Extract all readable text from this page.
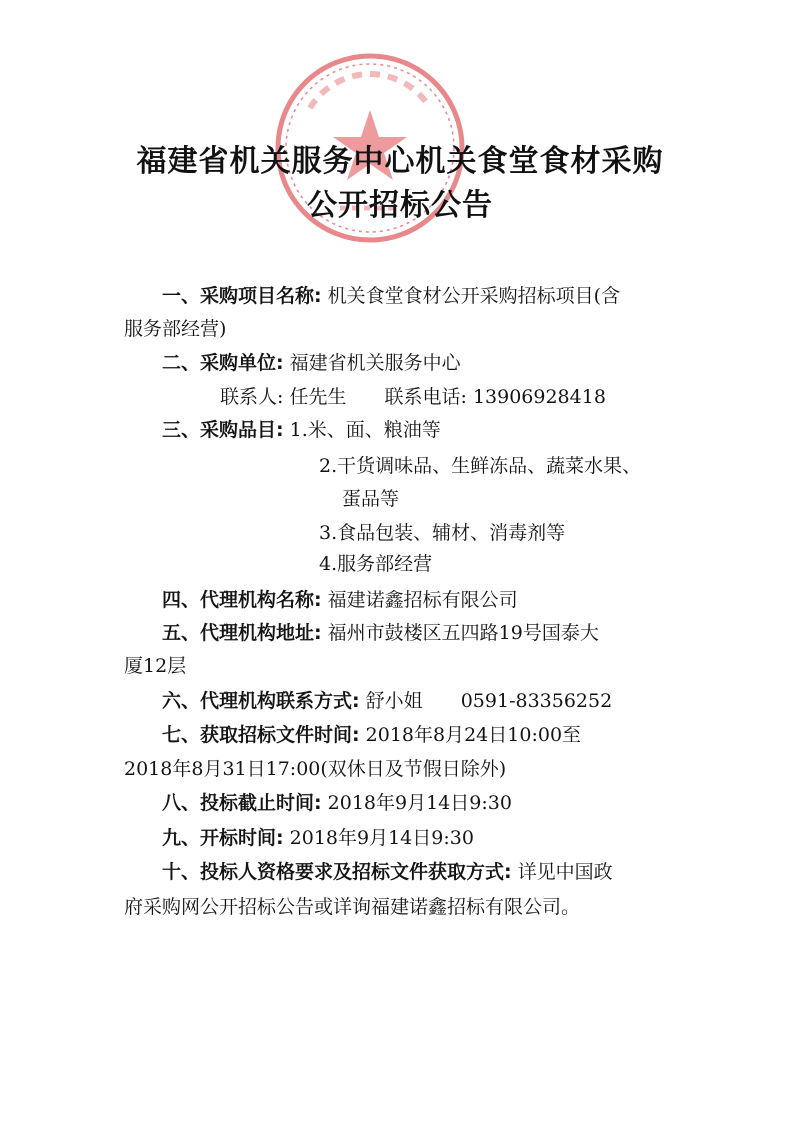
福建省机关服务中心机关食堂食材采购
公开招标公告
一、采购项目名称: 机关食堂食材公开采购招标项目(含
服务部经营)
二、采购单位: 福建省机关服务中心
联系人: 任先生 联系电话: 13906928418
三、采购品目: 1.米、面、粮油等
2.干货调味品、生鲜冻品、蔬菜水果、
蛋品等
3.食品包装、辅材、消毒剂等
4.服务部经营
四、代理机构名称: 福建诺鑫招标有限公司
五、代理机构地址: 福州市鼓楼区五四路19号国泰大
厦12层
六、代理机构联系方式: 舒小姐 0591-83356252
七、获取招标文件时间: 2018年8月24日10:00至
2018年8月31日17:00(双休日及节假日除外)
八、投标截止时间: 2018年9月14日9:30
九、开标时间: 2018年9月14日9:30
十、投标人资格要求及招标文件获取方式: 详见中国政
府采购网公开招标公告或详询福建诺鑫招标有限公司。
